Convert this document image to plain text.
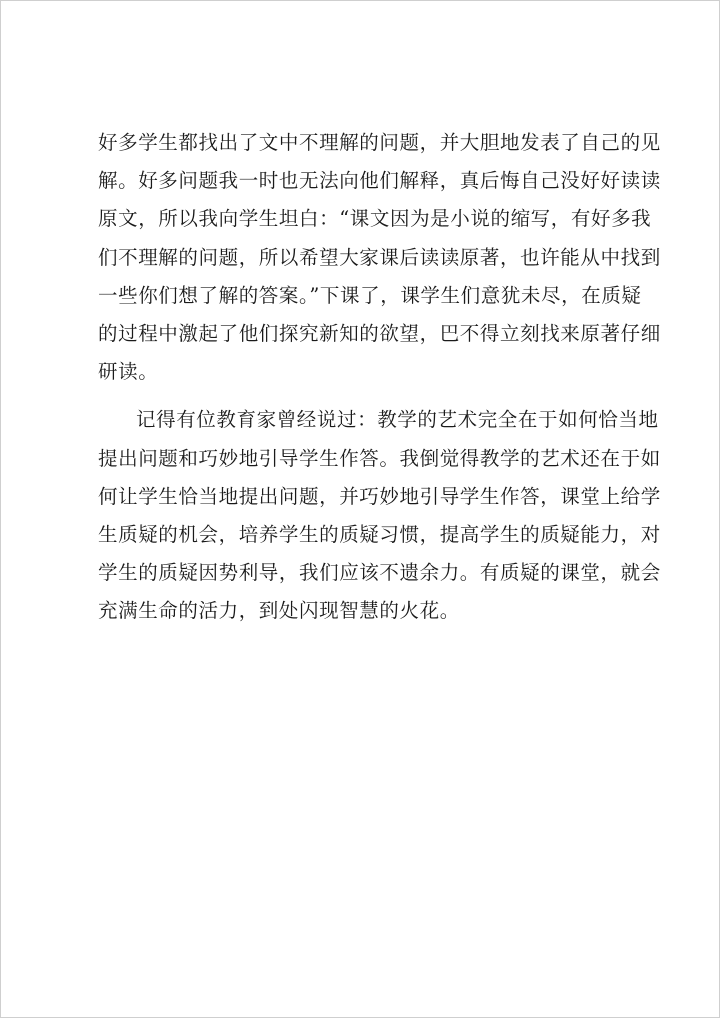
好多学生都找出了文中不理解的问题，并大胆地发表了自己的见
解。好多问题我一时也无法向他们解释，真后悔自己没好好读读
原文，所以我向学生坦白：“课文因为是小说的缩写，有好多我
们不理解的问题，所以希望大家课后读读原著，也许能从中找到
一些你们想了解的答案。”下课了，课学生们意犹未尽，在质疑
的过程中激起了他们探究新知的欲望，巴不得立刻找来原著仔细
研读。
记得有位教育家曾经说过：教学的艺术完全在于如何恰当地
提出问题和巧妙地引导学生作答。我倒觉得教学的艺术还在于如
何让学生恰当地提出问题，并巧妙地引导学生作答，课堂上给学
生质疑的机会，培养学生的质疑习惯，提高学生的质疑能力，对
学生的质疑因势利导，我们应该不遗余力。有质疑的课堂，就会
充满生命的活力，到处闪现智慧的火花。
